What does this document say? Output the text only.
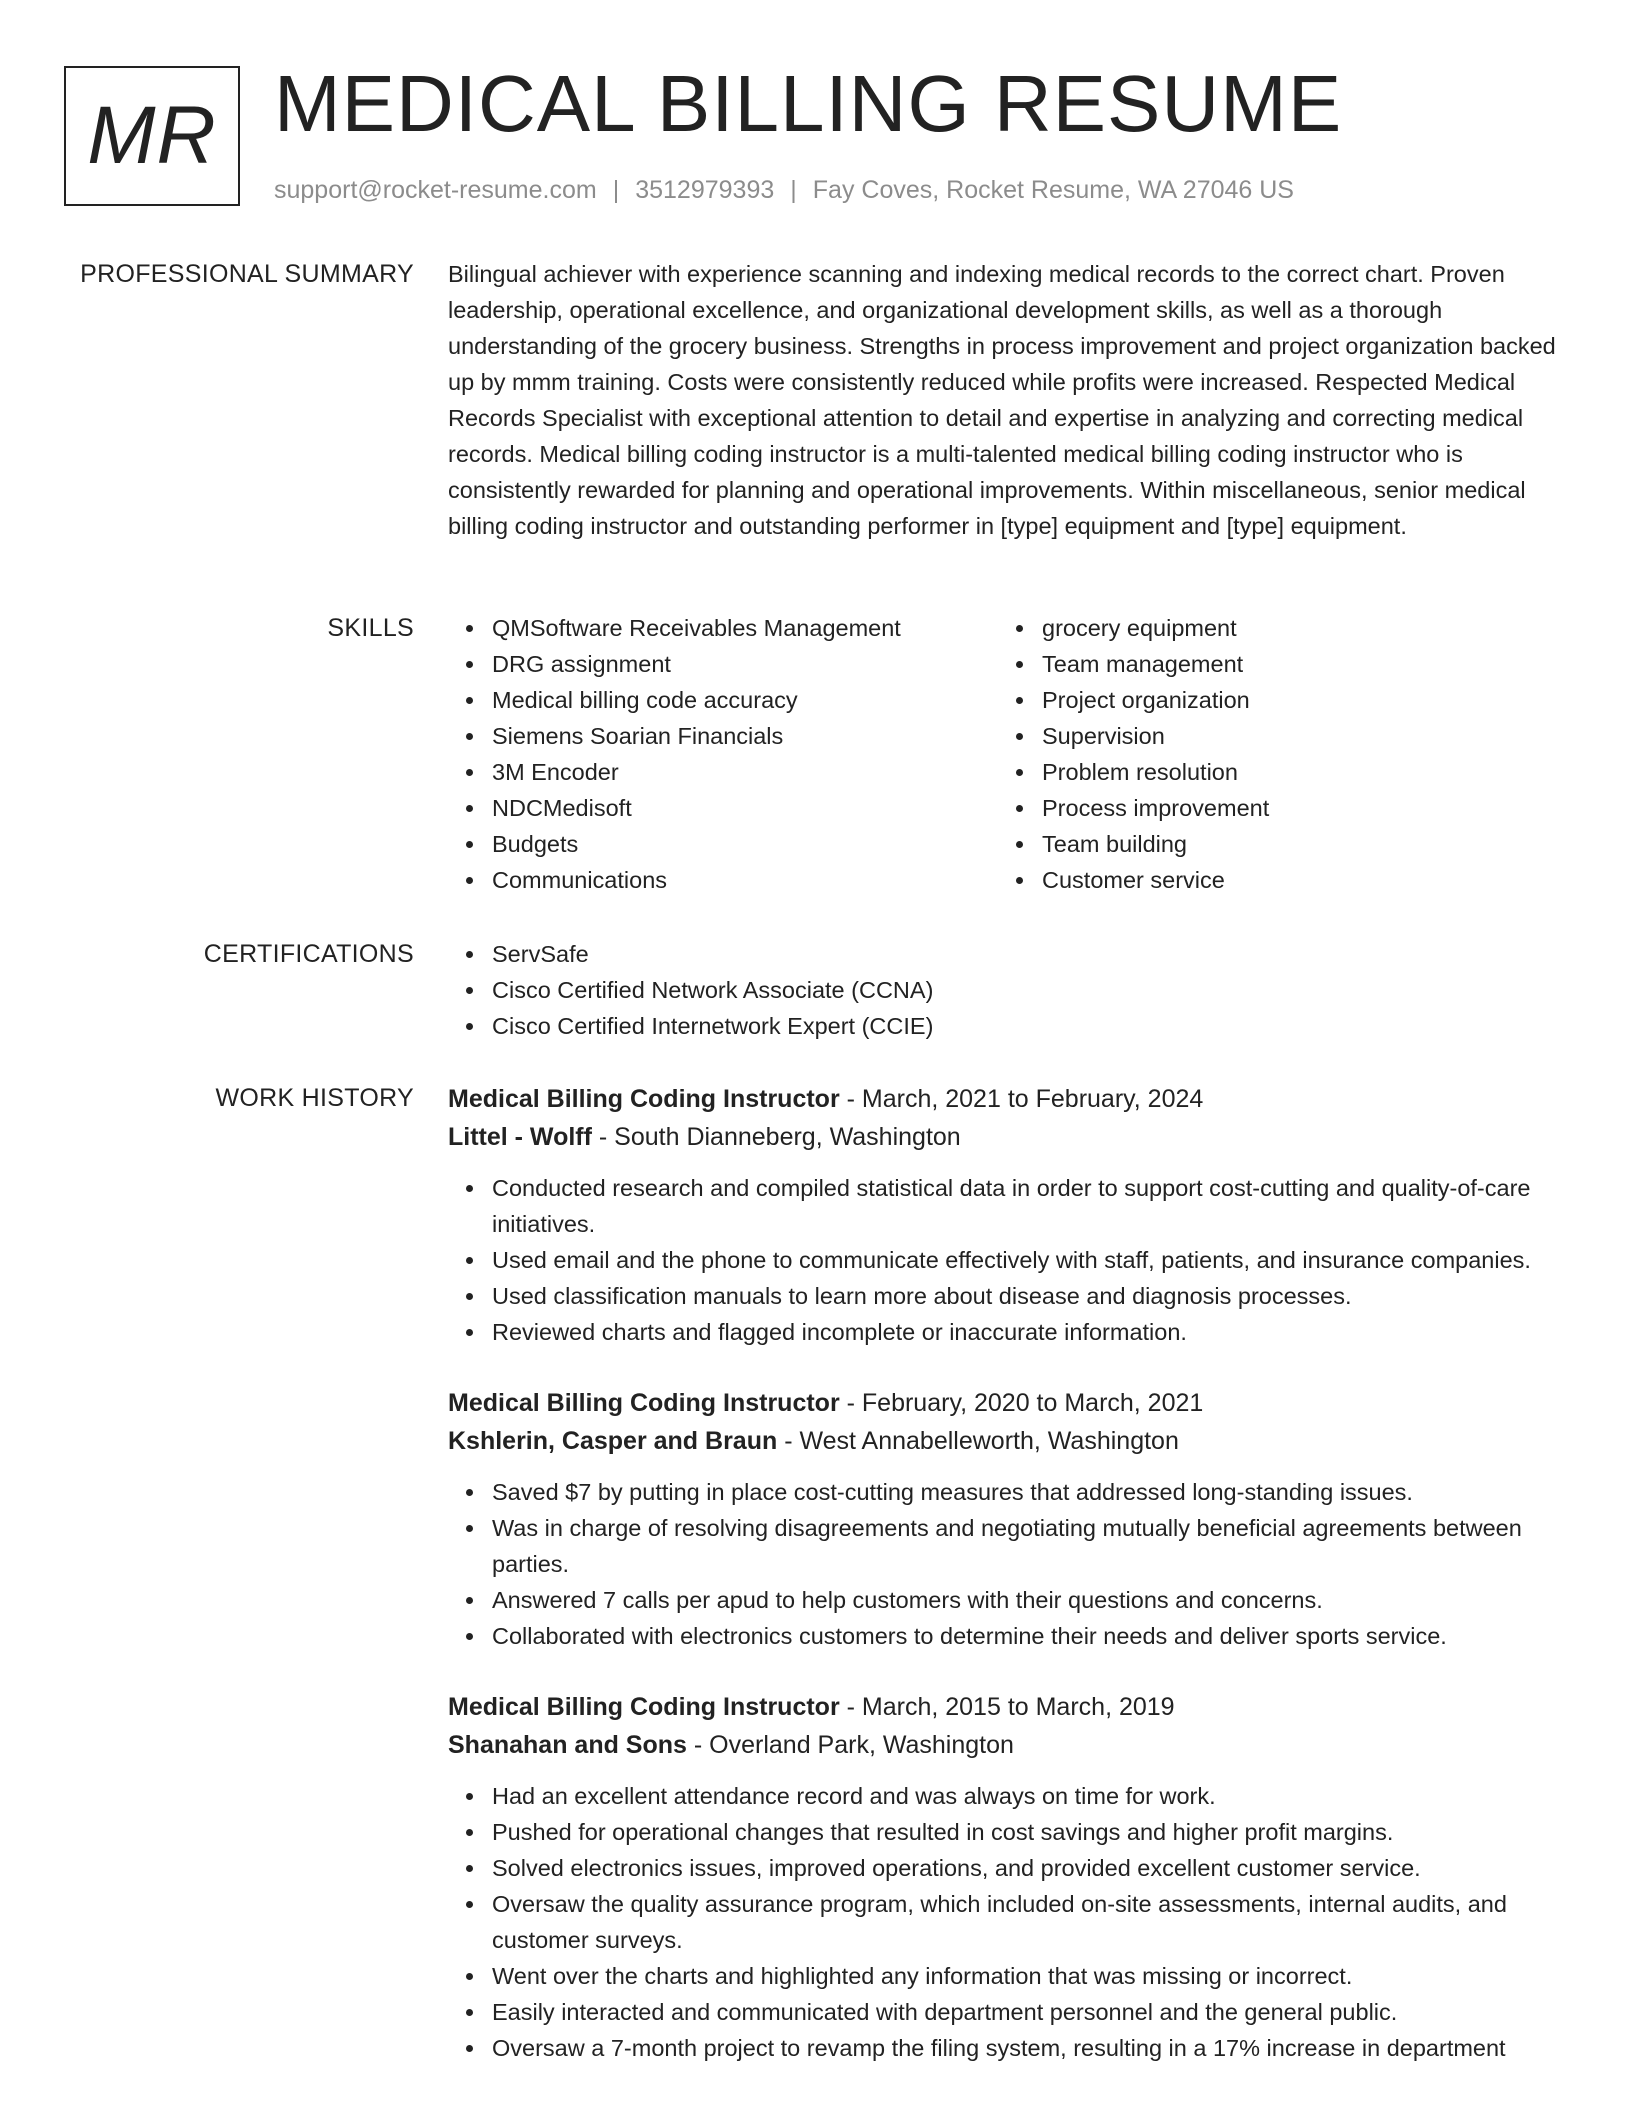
MR MEDICAL BILLING RESUME
support@rocket-resume.com | 3512979393 | Fay Coves, Rocket Resume, WA 27046 US
PROFESSIONAL SUMMARY Bilingual achiever with experience scanning and indexing medical records to the correct chart. Proven leadership, operational excellence, and organizational development skills, as well as a thorough understanding of the grocery business. Strengths in process improvement and project organization backed up by mmm training. Costs were consistently reduced while profits were increased. Respected Medical Records Specialist with exceptional attention to detail and expertise in analyzing and correcting medical records. Medical billing coding instructor is a multi-talented medical billing coding instructor who is consistently rewarded for planning and operational improvements. Within miscellaneous, senior medical billing coding instructor and outstanding performer in [type] equipment and [type] equipment.

SKILLS	QMSoftware Receivables Management
DRG assignment
Medical billing code accuracy
Siemens Soarian Financials
3M Encoder
NDCMedisoft
Budgets
Communications
grocery equipment
Team management
Project organization
Supervision
Problem resolution
Process improvement
Team building
Customer service
CERTIFICATIONS	ServSafe
Cisco Certified Network Associate (CCNA)
Cisco Certified Internetwork Expert (CCIE)
WORK HISTORY Medical Billing Coding Instructor - March, 2021 to February, 2024
Littel - Wolff - South Dianneberg, Washington
Conducted research and compiled statistical data in order to support cost-cutting and quality-of-care initiatives.
Used email and the phone to communicate effectively with staff, patients, and insurance companies.
Used classification manuals to learn more about disease and diagnosis processes.
Reviewed charts and flagged incomplete or inaccurate information.
Medical Billing Coding Instructor - February, 2020 to March, 2021
Kshlerin, Casper and Braun - West Annabelleworth, Washington
Saved $7 by putting in place cost-cutting measures that addressed long-standing issues.
Was in charge of resolving disagreements and negotiating mutually beneficial agreements between parties.
Answered 7 calls per apud to help customers with their questions and concerns.
Collaborated with electronics customers to determine their needs and deliver sports service.
Medical Billing Coding Instructor - March, 2015 to March, 2019
Shanahan and Sons - Overland Park, Washington
Had an excellent attendance record and was always on time for work.
Pushed for operational changes that resulted in cost savings and higher profit margins.
Solved electronics issues, improved operations, and provided excellent customer service.
Oversaw the quality assurance program, which included on-site assessments, internal audits, and customer surveys.
Went over the charts and highlighted any information that was missing or incorrect.
Easily interacted and communicated with department personnel and the general public.
Oversaw a 7-month project to revamp the filing system, resulting in a 17% increase in department
